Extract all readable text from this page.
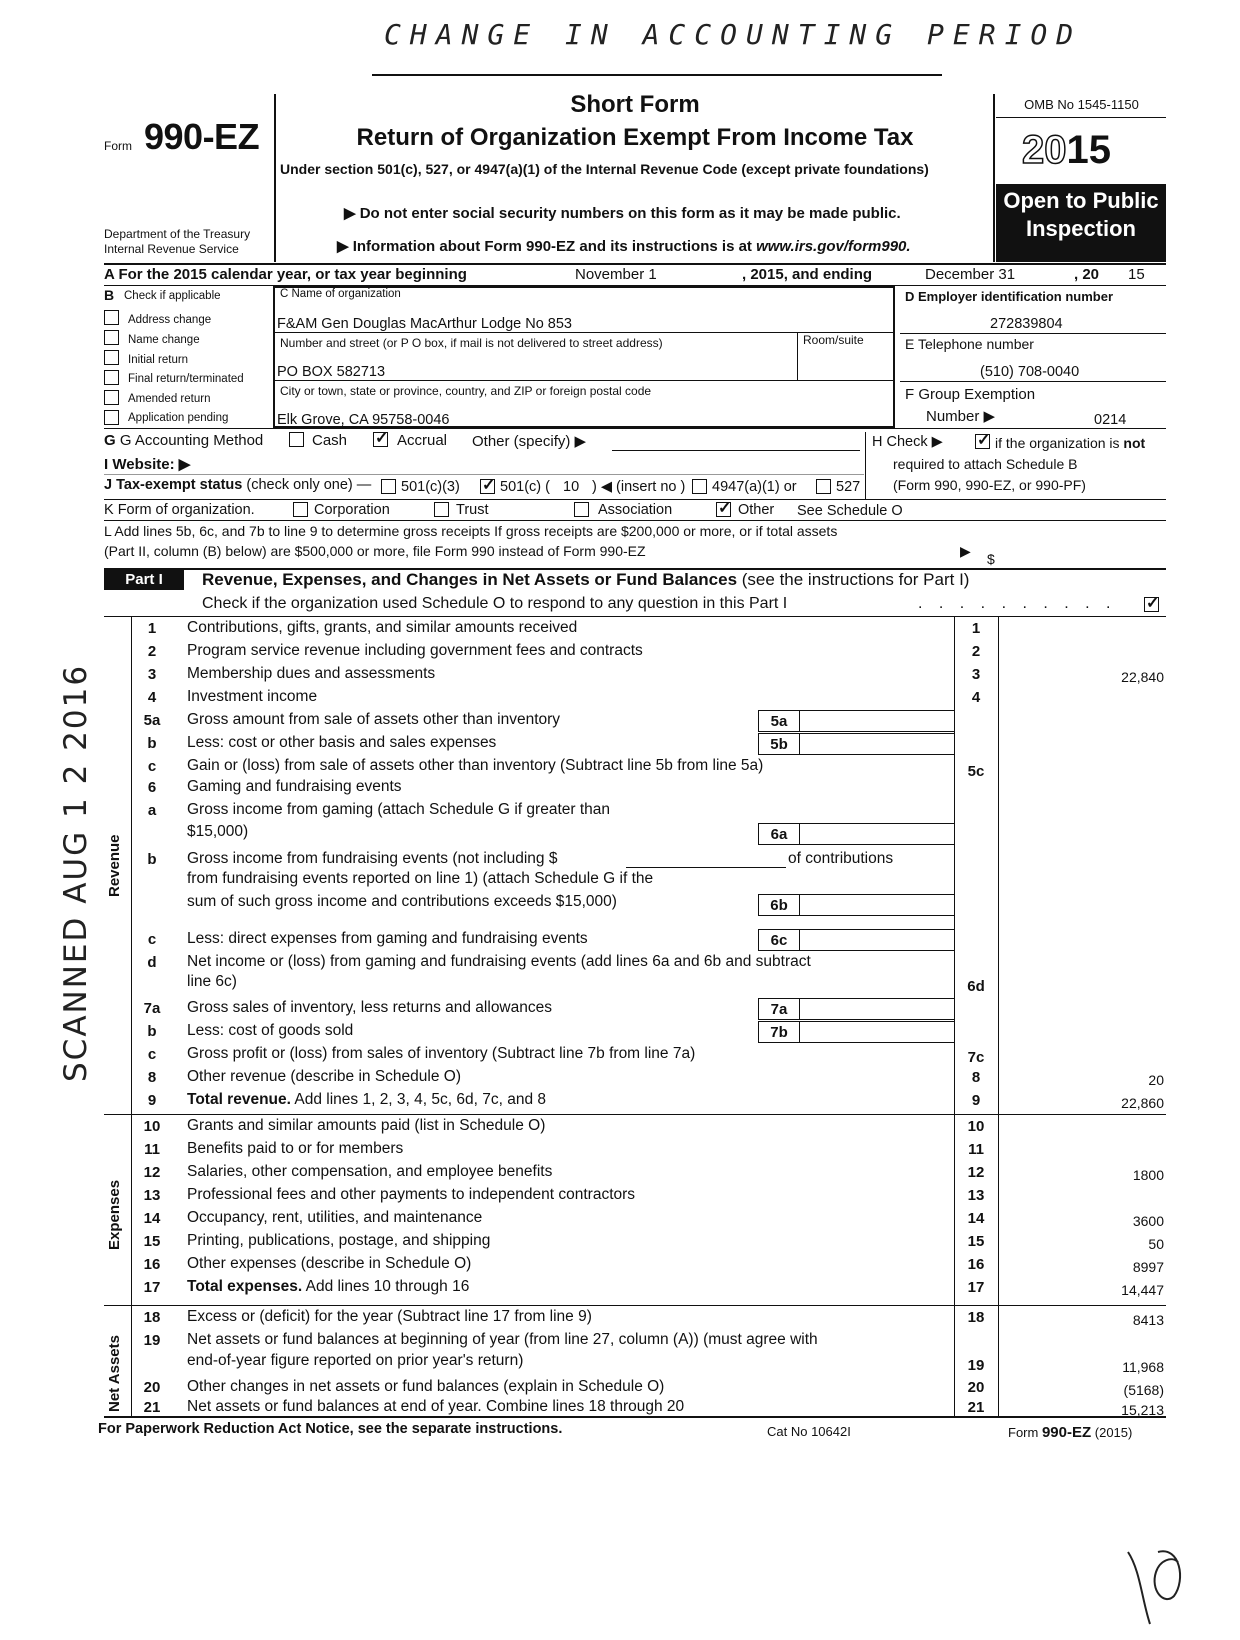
CHANGE IN ACCOUNTING PERIOD
SCANNED AUG 1 2 2016
Form 990-EZ
Department of the Treasury
Internal Revenue Service
Short Form
Return of Organization Exempt From Income Tax
Under section 501(c), 527, or 4947(a)(1) of the Internal Revenue Code (except private foundations)
▶ Do not enter social security numbers on this form as it may be made public.
▶ Information about Form 990-EZ and its instructions is at www.irs.gov/form990.
OMB No 1545-1150
2015
Open to Public
Inspection
A For the 2015 calendar year, or tax year beginning	November 1	, 2015, and ending	December 31	, 20 15
B Check if applicable
Address change
Name change
Initial return
Final return/terminated
Amended return
Application pending
C Name of organization
F&AM Gen Douglas MacArthur Lodge No 853
Number and street (or P O box, if mail is not delivered to street address)	Room/suite
PO BOX 582713
City or town, state or province, country, and ZIP or foreign postal code
Elk Grove, CA 95758-0046
D Employer identification number
272839804
E Telephone number
(510) 708-0040
F Group Exemption
Number ▶	0214
G G Accounting Method	Cash ✓	Accrual Other (specify) ▶	H Check ▶ ✓	if the organization is not
required to attach Schedule B
(Form 990, 990-EZ, or 990-PF)
I Website: ▶
J Tax-exempt status (check only one) — 501(c)(3) ✓	501(c) ( 10 ) ◀ (insert no ) 4947(a)(1) or	527
K Form of organization.	Corporation	Trust	Association ✓	Other See Schedule O
L Add lines 5b, 6c, and 7b to line 9 to determine gross receipts If gross receipts are $200,000 or more, or if total assets
(Part II, column (B) below) are $500,000 or more, file Form 990 instead of Form 990-EZ	▶ $
Part I	Revenue, Expenses, and Changes in Net Assets or Fund Balances (see the instructions for Part I)
Check if the organization used Schedule O to respond to any question in this Part I	. . . . . . . . . .
✓
Revenue
Expenses
Net Assets
1	Contributions, gifts, grants, and similar amounts received	1
2	Program service revenue including government fees and contracts	2
3	Membership dues and assessments	3	22,840
4	Investment income	4
5a	Gross amount from sale of assets other than inventory	5a
b	Less: cost or other basis and sales expenses	5b
c	Gain or (loss) from sale of assets other than inventory (Subtract line 5b from line 5a)	5c
6	Gaming and fundraising events
a	Gross income from gaming (attach Schedule G if greater than
$15,000)	6a
b	Gross income from fundraising events (not including $	of contributions
from fundraising events reported on line 1) (attach Schedule G if the
sum of such gross income and contributions exceeds $15,000)	6b
c	Less: direct expenses from gaming and fundraising events	6c
d	Net income or (loss) from gaming and fundraising events (add lines 6a and 6b and subtract
line 6c)	6d
7a	Gross sales of inventory, less returns and allowances	7a
b	Less: cost of goods sold	7b
c	Gross profit or (loss) from sales of inventory (Subtract line 7b from line 7a)	7c
8	Other revenue (describe in Schedule O)	8	20
9	Total revenue. Add lines 1, 2, 3, 4, 5c, 6d, 7c, and 8	9	22,860
10	Grants and similar amounts paid (list in Schedule O)	10
11	Benefits paid to or for members	11
12	Salaries, other compensation, and employee benefits	12	1800
13	Professional fees and other payments to independent contractors	13
14	Occupancy, rent, utilities, and maintenance	14	3600
15	Printing, publications, postage, and shipping	15	50
16	Other expenses (describe in Schedule O)	16	8997
17	Total expenses. Add lines 10 through 16	17	14,447
18	Excess or (deficit) for the year (Subtract line 17 from line 9)	18	8413
19	Net assets or fund balances at beginning of year (from line 27, column (A)) (must agree with
end-of-year figure reported on prior year's return)	19	11,968
20	Other changes in net assets or fund balances (explain in Schedule O)	20	(5168)
21	Net assets or fund balances at end of year. Combine lines 18 through 20	21	15,213
For Paperwork Reduction Act Notice, see the separate instructions.	Cat No 10642I	Form 990-EZ (2015)
